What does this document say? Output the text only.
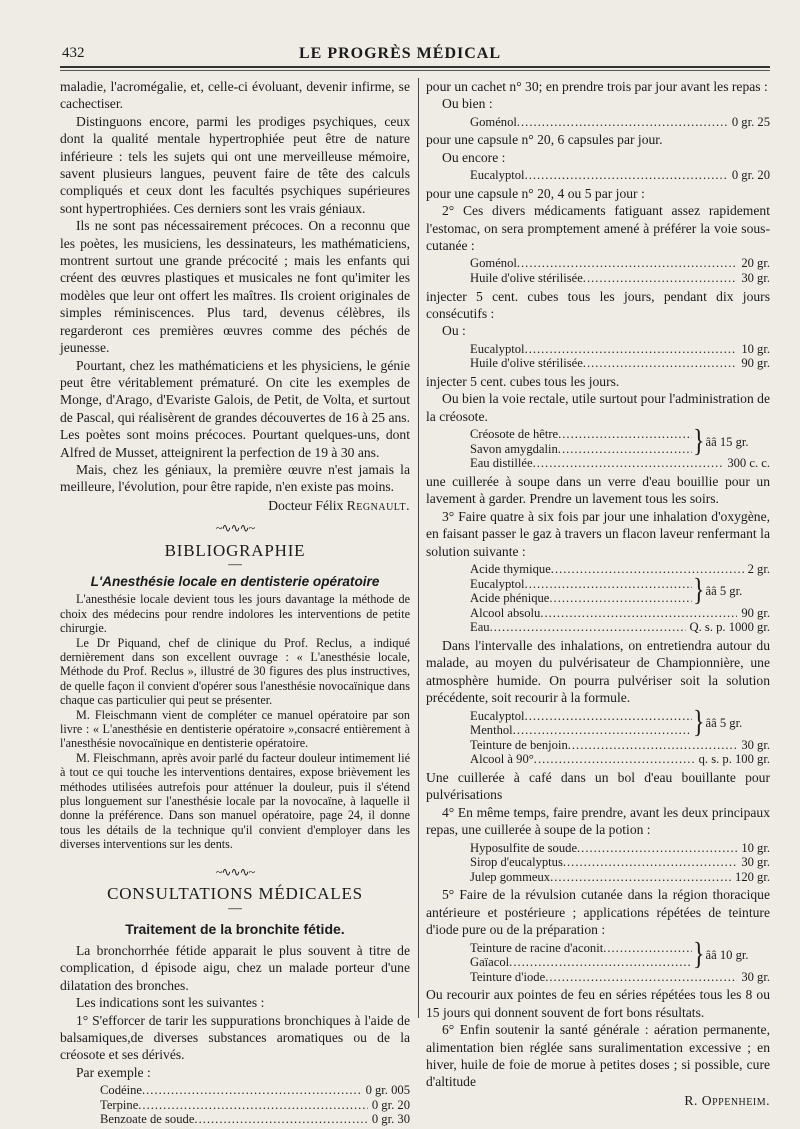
432	LE PROGRÈS MÉDICAL

maladie, l'acromégalie, et, celle-ci évoluant, devenir infirme, se cachectiser.

Distinguons encore, parmi les prodiges psychiques, ceux dont la qualité mentale hypertrophiée peut être de nature inférieure : tels les sujets qui ont une merveilleuse mémoire, savent plusieurs langues, peuvent faire de tête des calculs compliqués et ceux dont les facultés psychiques supérieures sont hypertrophiées. Ces derniers sont les vrais géniaux.

Ils ne sont pas nécessairement précoces. On a reconnu que les poètes, les musiciens, les dessinateurs, les mathématiciens, montrent surtout une grande précocité ; mais les enfants qui créent des œuvres plastiques et musicales ne font qu'imiter les modèles que leur ont offert les maîtres. Ils croient originales de simples réminiscences. Plus tard, devenus célèbres, ils regarderont ces premières œuvres comme des péchés de jeunesse.

Pourtant, chez les mathématiciens et les physiciens, le génie peut être véritablement prématuré. On cite les exemples de Monge, d'Arago, d'Evariste Galois, de Petit, de Volta, et surtout de Pascal, qui réalisèrent de grandes découvertes de 16 à 25 ans. Les poètes sont moins précoces. Pourtant quelques-uns, dont Alfred de Musset, atteignirent la perfection de 19 à 30 ans.

Mais, chez les géniaux, la première œuvre n'est jamais la meilleure, l'évolution, pour être rapide, n'en existe pas moins.

Docteur Félix Regnault.

~∿∿∿~
BIBLIOGRAPHIE
—
L'Anesthésie locale en dentisterie opératoire

L'anesthésie locale devient tous les jours davantage la méthode de choix des médecins pour rendre indolores les interventions de petite chirurgie.

Le Dr Piquand, chef de clinique du Prof. Reclus, a indiqué dernièrement dans son excellent ouvrage : « L'anesthésie locale, Méthode du Prof. Reclus », illustré de 30 figures des plus instructives, de quelle façon il convient d'opérer sous l'anesthésie novocaïnique dans chaque cas particulier qui peut se présenter.

M. Fleischmann vient de compléter ce manuel opératoire par son livre : « L'anesthésie en dentisterie opératoire »,consacré entièrement à l'anesthésie novocaïnique en dentisterie opératoire.

M. Fleischmann, après avoir parlé du facteur douleur intimement lié à tout ce qui touche les interventions dentaires, expose brièvement les méthodes utilisées autrefois pour atténuer la douleur, puis il s'étend plus longuement sur l'anesthésie locale par la novocaïne, à laquelle il donne la préférence. Dans son manuel opératoire, page 24, il donne tous les détails de la technique qu'il convient d'employer dans les diverses interventions sur les dents.

~∿∿∿~
CONSULTATIONS MÉDICALES
—
Traitement de la bronchite fétide.

La bronchorrhée fétide apparait le plus souvent à titre de complication, d épisode aigu, chez un malade porteur d'une dilatation des bronches.

Les indications sont les suivantes :

1° S'efforcer de tarir les suppurations bronchiques à l'aide de balsamiques,de diverses substances aromatiques ou de la créosote et ses dérivés.

Par exemple :

Codéine .....	0 gr. 005
Terpine .....	0 gr. 20
Benzoate de soude .....	0 gr. 30

pour un cachet n° 30; en prendre trois par jour avant les repas :

Ou bien :

Goménol .....	0 gr. 25

pour une capsule n° 20, 6 capsules par jour.

Ou encore :

Eucalyptol .....	0 gr. 20

pour une capsule n° 20, 4 ou 5 par jour :

2° Ces divers médicaments fatiguant assez rapidement l'estomac, on sera promptement amené à préférer la voie sous-cutanée :

Goménol .....	20 gr.
Huile d'olive stérilisée .....	30 gr.

injecter 5 cent. cubes tous les jours, pendant dix jours consécutifs :

Ou :

Eucalyptol .....	10 gr.
Huile d'olive stérilisée .....	90 gr.

injecter 5 cent. cubes tous les jours.

Ou bien la voie rectale, utile surtout pour l'administration de la créosote.

Créosote de hêtre
.....
Savon amygdalin .....	} ââ 15 gr.
Eau distillée .....	300 c. c.

une cuillerée à soupe dans un verre d'eau bouillie pour un lavement à garder. Prendre un lavement tous les soirs.

3° Faire quatre à six fois par jour une inhalation d'oxygène, en faisant passer le gaz à travers un flacon laveur renfermant la solution suivante :

Acide thymique .....	2 gr.
Eucalyptol
.....
Acide phénique .....	} ââ 5 gr.
Alcool absolu .....	90 gr.
Eau .....	Q. s. p. 1000 gr.

Dans l'intervalle des inhalations, on entretiendra autour du malade, au moyen du pulvérisateur de Championnière, une atmosphère humide. On pourra pulvériser soit la solution précédente, soit recourir à la formule.

Eucalyptol
.....
Menthol .....	} ââ 5 gr.
Teinture de benjoin .....	30 gr.
Alcool à 90° .....	q. s. p. 100 gr.

Une cuillerée à café dans un bol d'eau bouillante pour pulvérisations

4° En même temps, faire prendre, avant les deux principaux repas, une cuillerée à soupe de la potion :

Hyposulfite de soude .....	10 gr.
Sirop d'eucalyptus .....	30 gr.
Julep gommeux .....	120 gr.

5° Faire de la révulsion cutanée dans la région thoracique antérieure et postérieure ; applications répétées de teinture d'iode pure ou de la préparation :

Teinture de racine d'aconit
.....
Gaïacol .....	} ââ 10 gr.
Teinture d'iode .....	30 gr.

Ou recourir aux pointes de feu en séries répétées tous les 8 ou 15 jours qui donnent souvent de fort bons résultats.

6° Enfin soutenir la santé générale : aération permanente, alimentation bien réglée sans suralimentation excessive ; en hiver, huile de foie de morue à petites doses ; si possible, cure d'altitude

R. Oppenheim.
